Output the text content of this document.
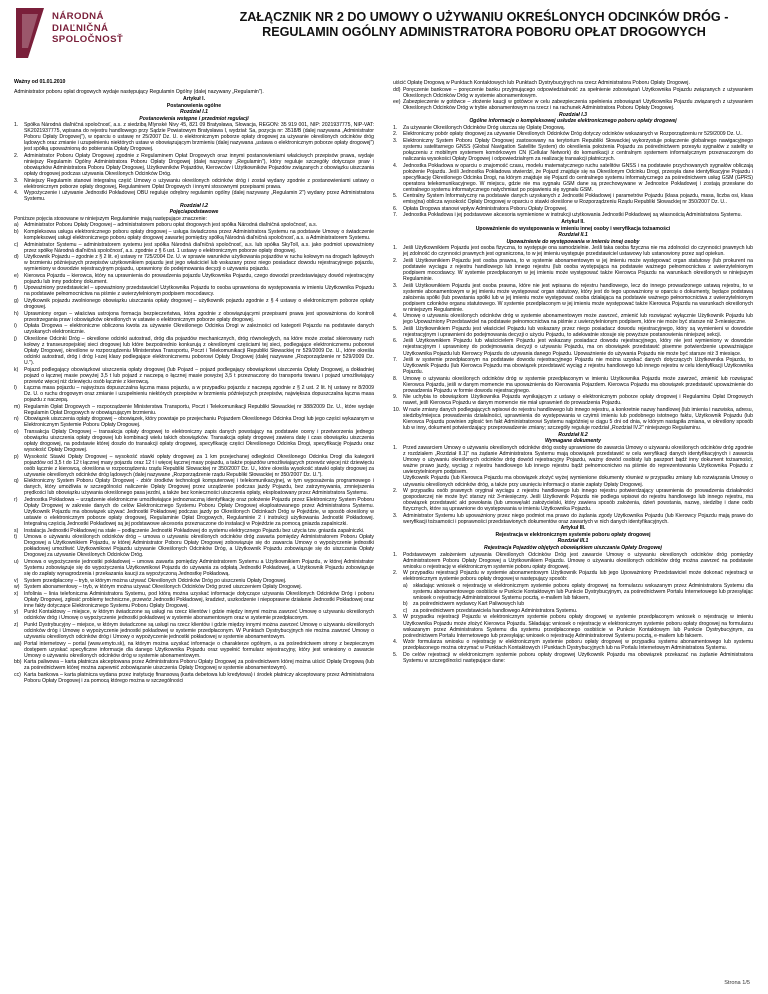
NÁRODNÁ
DIAĽNIČNÁ
SPOLOČNOSŤ
ZAŁĄCZNIK NR 2 DO UMOWY O UŻYWANIU OKREŚLONYCH ODCINKÓW DRÓG -
REGULAMIN OGÓLNY ADMINISTRATORA POBORU OPŁAT DROGOWYCH
Ważny od 01.01.2010
Administrator poboru opłat drogowych wydaje następujący Regulamin Ogólny (dalej nazywany „Regulamin").

Artykuł I.

Postanowienia ogólne

Rozdział I.1

Postanowienia wstępne i przedmiot regulacji

1. Spółka Národná diaľničná spoločnosť, a.s. z siedzibą Mlynské Nivy 45, 821 09 Bratysława, Słowacja, REGON: 35 919 001, NIP: 2021937775, NIP-VAT: SK2021937775, wpisana do rejestru handlowego przy Sądzie Powiatowym Bratysława I, wydział: Sa, pozycja nr: 3518/B (dalej nazywana „Administrator Poboru Opłaty Drogowej"), w oparciu o ustawę nr 25/2007 Dz. U. o elektronicznym poborze opłaty drogowej za używanie określonych odcinków dróg lądowych oraz zmianie i uzupełnieniu niektórych ustaw w obowiązującym brzmieniu (dalej nazywana „ustawa o elektronicznym poborze opłaty drogowej") jest spółką upoważnioną do pobierania Opłaty Drogowej.

2. Administrator Poboru Opłaty Drogowej zgodnie z Regulaminem Opłat Drogowych oraz innymi postanowieniami właściwych przepisów prawa, wydaje niniejszy Regulamin Ogólny Administratora Poboru Opłaty Drogowej (dalej nazywany „Regulamin"), który reguluje szczegóły dotyczące praw i obowiązków Administratora Poboru Opłaty Drogowej, Użytkowników Pojazdów, Kierowców i Użytkowników Pojazdów związanych z obowiązku uiszczania opłaty drogowej podczas używania Określonych Odcinków Dróg.

3. Niniejszy Regulamin stanowi integralną część Umowy o używaniu określonych odcinków dróg i został wydany zgodnie z postanowieniami ustawy o elektronicznym poborze opłaty drogowej, Regulaminem Opłat Drogowych i innymi stosownymi przepisami prawa.

4. Wypożyczenie i używanie Jednostki Pokładowej OBU reguluje odrębny regulamin ogólny (dalej nazywany „Regulamin 2") wydany przez Administratora Systemu.

Rozdział I.2

Pojęciapodstawowe

Poniższe pojęcia stosowane w niniejszym Regulaminie mają następujące znaczenie:

a) Administrator Poboru Opłaty Drogowej – administratorem poboru opłat drogowych jest spółka Národná diaľničná spoločnosť, a.s.

b) Kompleksowa usługa elektronicznego poboru opłaty drogowej – usługa świadczona przez Administratora Systemu na podstawie Umowy o świadczenie kompleksowej usługi elektronicznego poboru opłaty drogowej zawartej pomiędzy spółką Národná diaľničná spoločnosť, a.s. a Administratorem Systemu.

c) Administrator Systemu – administratorem systemu jest spółka Národná diaľničná spoločnosť, a.s. lub spółka SkyToll, a.s. jako podmiot upoważniony przez spółkę Národná diaľničná spoločnosť, a.s. zgodnie z § 6 ust. 1 ustawy o elektronicznym poborze opłaty drogowej.

d) Użytkownik Pojazdu – zgodnie z § 2 lit. e) ustawy nr 725/2004 Dz. U. w sprawie warunków użytkowania pojazdów w ruchu kołowym na drogach lądowych w brzmieniu późniejszych przepisów użytkownikiem pojazdu jest jego właściciel lub wskazany przez niego posiadacz dowodu rejestracyjnego pojazdu, wymieniony w dowodzie rejestracyjnym pojazdu, uprawniony do podejmowania decyzji o używaniu pojazdu.

e) Kierowca Pojazdu – kierowca, który na uprawnienia do prowadzenia pojazdu Użytkownika Pojazdu, czego dowodzi przedstawiający dowód rejestracyjny pojazdu lub inny podobny dokument.

f) Upoważniony przedstawiciel – upoważniony przedstawiciel Użytkownika Pojazdu to osoba uprawniona do występowania w imieniu Użytkownika Pojazdu na podstawie pełnomocnictwa na piśmie z uwierzytelnionym podpisem mocodawcy.

g) Użytkownik pojazdu zwolnionego obowiązku uiszczania opłaty drogowej – użytkownik pojazdu zgodnie z § 4 ustawy o elektronicznym poborze opłaty drogowej.

h) Uprawniony organ – właściwa ustrojona formacja bezpieczeństwa, która zgodnie z obowiązującymi przepisami prawa jest upoważniona do kontroli przestrzegania praw i obowiązków określonych w ustawie o elektronicznym poborze opłaty drogowej.

i) Opłata Drogowa – elektroniczne obliczona kwota za używanie Określonego Odcinka Drogi w zależności od kategorii Pojazdu na podstawie danych uzyskanych elektronicznie.

j) Określone Odcinki Dróg – określone odcinki autostrad, dróg dla pojazdów mechanicznych, dróg równoległych, na które może zostać skierowany ruch kołowy z transeuropejskiej sieci drogowej lub które bezpośrednio konkurują z określonymi częściami tej sieci, podlegające elektronicznemu poborowi Opłaty Drogowej, określone w rozporządzeniu Ministerstwa Transportu, Poczt i Telekomunikacji Republiki Słowackiej nr 529/2009 Dz. U., które określa odcinki autostrad, dróg i dróg I-szej klasy podlegające elektronicznemu poborowi Opłaty Drogowej (dalej nazywane „Rozporządzenie nr 529/2009 Dz. U.").

k) Pojazd podlegający obowiązkowi uiszczenia opłaty drogowej (lub Pojazd – pojazd podlegający obowiązkowi uiszczenia Opłaty Drogowej, a dokładniej pojazd o łącznej masie powyżej 3,5 t lub pojazd z naczepą o łącznej masie powyżej 3,5 t przeznaczony do transportu towaru i pojazd umożliwiający przewóz więcej niż dziewięciu osób łącznie z kierowcą.

l) Łączna masa pojazdu – najwyższa dopuszczalna łączna masa pojazdu, a w przypadku pojazdu z naczepą zgodnie z § 2 ust. 2 lit. h) ustawy nr 8/2009 Dz. U. o ruchu drogowym oraz zmianie i uzupełnieniu niektórych przepisów w brzmieniu późniejszych przepisów, największa dopuszczalna łączna masa pojazdu z naczepą.

m) Regulamin Opłat Drogowych – rozporządzenie Ministerstwa Transportu, Poczt i Telekomunikacji Republiki Słowackiej nr 388/2009 Dz. U., które wydaje Regulamin Opłat Drogowych w obowiązującym brzmieniu.

n) Obowiązek uiszczenia opłaty drogowej – obowiązek, który powstaje po przejechaniu Pojazdem Określonego Odcinka Drogi lub jego części wykazanym w Elektronicznym Systemie Poboru Opłaty Drogowej.

o) Transakcja Opłaty Drogowej – transakcja opłaty drogowej to elektroniczny zapis danych powstający na podstawie oceny i przetworzenia jednego obowiązku uiszczenia opłaty drogowej lub kombinacji wielu takich obowiązków. Transakcja opłaty drogowej zawiera datę i czas obowiązku uiszczenia opłaty drogowej, na podstawie której doszło do transakcji opłaty drogowej, specyfikację części Określonego Odcinka Drogi, specyfikację Pojazdu oraz wysokość Opłaty Drogowej.

p) Wysokość Stawki Opłaty Drogowej – wysokość stawki opłaty drogowej za 1 km przejechanej odległości Określonego Odcinka Drogi dla kategorii pojazdów od 3,5 t do 12 t łącznej masy pojazdu oraz 12 t i więcej łącznej masy pojazdu, a także pojazdów umożliwiających przewóz więcej niż dziewięciu osób łącznie z kierowcą, określona w rozporządzeniu rządu Republiki Słowackiej nr 350/2007 Dz. U., które określa wysokość stawki opłaty drogowej za używanie określonych odcinków dróg lądowych (dalej nazywane „Rozporządzenie rządu Republiki Słowackiej nr 350/2007 Dz. U.").

q) Elektroniczny System Poboru Opłaty Drogowej - zbiór środków technologii komputerowej i telekomunikacyjnej, w tym wyposażenia programowego i danych, który umożliwia w szczególności naliczenie Opłaty Drogowej przez urządzenie podczas jazdy Pojazdu, bez zatrzymywania, zmniejszenia prędkości lub obowiązku używania określonego pasa jezdni, a także bez konieczności uiszczenia opłaty, eksploatowany przez Administratora Systemu.

r) Jednostka Pokładowa – urządzenie elektroniczne umożliwiające jednoznaczną identyfikację oraz położenie Pojazdu przez Elektroniczny System Poboru Opłaty Drogowej w zakresie danych do celów Elektronicznego Systemu Poboru Opłaty Drogowej eksploatowanego przez Administratora Systemu. Użytkownik Pojazdu ma obowiązek używać Jednostki Pokładowej podczas jazdy po Określonych Odcinkach Dróg w Pojeździe, w sposób określony w ustawie o elektronicznym poborze opłaty drogowej, Regulaminie Opłat Drogowych, Regulaminie 2 i instrukcji użytkowania Jednostki Pokładowej. Integralną częścią Jednostki Pokładowej są jej podstawowe akcesoria przeznaczone do instalacji w Pojeździe za pomocą gniazda zapalniczki.

s) Instalacja Jednostki Pokładowej na stałe – podłączenie Jednostki Pokładowej do systemu elektrycznego Pojazdu bez użycia tzw. gniazda zapalniczki.

t) Umowa o używaniu określonych odcinków dróg – umowa o używaniu określonych odcinków dróg zawarta pomiędzy Administratorem Poboru Opłaty Drogowej a Użytkownikiem Pojazdu, w której Administrator Poboru Opłaty Drogowej zobowiązuje się do zawarcia Umowy o wypożyczenie jednostki pokładowej umożliwić Użytkownikowi Pojazdu używanie Określonych Odcinków Dróg, a Użytkownik Pojazdu zobowiązuje się do uiszczania Opłaty Drogowej za używanie Określonych Odcinków Dróg.

u) Umowa o wypożyczenie jednostki pokładowej – umowa zawarta pomiędzy Administratorem Systemu a Użytkownikiem Pojazdu, w której Administrator Systemu zobowiązuje się do wypożyczenia Użytkownikowi Pojazdu do używania za odpłatą Jednostki Pokładowej, a Użytkownik Pojazdu zobowiązuje się do zapłaty wynagrodzenia i przekazania kaucji za wypożyczoną Jednostkę Pokładową.

v) System przedpłacony – tryb, w którym można używać Określonych Odcinków Dróg po uiszczeniu Opłaty Drogowej.

w) System abonamentowy – tryb, w którym można używać Określonych Odcinków Dróg przed uiszczeniem Opłaty Drogowej.

x) Infolinia – linia telefoniczna Administratora Systemu, pod którą można uzyskać informacje dotyczące używania Określonych Odcinków Dróg i poboru Opłaty Drogowej, zgłosić problemy techniczne, przewóz Jednostki Pokładowej, kradzież, uszkodzenie i niepoprawne działanie Jednostki Pokładowej oraz inne fakty dotyczące Elektronicznego Systemu Poboru Opłaty Drogowej.

y) Punkt Kontaktowy – miejsce, w którym świadczone są usługi na rzecz klientów i gdzie między innymi można zawrzeć Umowę o używaniu określonych odcinków dróg i Umowę o wypożyczenie jednostki pokładowej w systemie abonamentowym oraz w systemie przedpłaconym.

z) Punkt Dystrybucyjny – miejsce, w którym świadczone są usługi na rzecz klientów i gdzie między innymi można zawrzeć Umowę o używaniu określonych odcinków dróg i Umowę o wypożyczenie jednostki pokładowej w systemie przedpłaconym. W Punktach Dystrybucyjnych nie można zawrzeć Umowy o używaniu określonych odcinków dróg i Umowy o wypożyczenie jednostki pokładowej w systemie abonamentowym.

aa) Portal internetowy – portal (www.emyto.sk), na którym można uzyskać informacje o charakterze ogólnym, a za pośrednictwem strony z bezpiecznym dostępem uzyskać specyficzne informacje dla danego Użytkownika Pojazdu oraz wypełnić formularz rejestracyjny, który jest wniesiony o zawarcie Umowy o używaniu określonych odcinków dróg w systemie abonamentowym.

bb) Karta paliwowa – karta płatnicza akceptowana przez Administratora Poboru Opłaty Drogowej za pośrednictwem której można uiścić Opłatę Drogową (lub za pośrednictwem której można zapewnić zobowiązanie uiszczenia Opłaty Drogowej w systemie abonamentowym).

cc) Karta bankowa – karta płatnicza wydana przez instytucję finansową (karta debetowa lub kredytowa) i środek płatniczy akceptowany przez Administratora Poboru Opłaty Drogowej i za pomocą którego można w szczególności

uiścić Opłatę Drogową w Punktach Kontaktowych lub Punktach Dystrybucyjnych na rzecz Administratora Poboru Opłaty Drogowej.

dd) Poręczenie bankowe – poręczenie banku przyjmującego odpowiedzialność za spełnienie zobowiązań Użytkownika Pojazdu związanych z używaniem Określonych Odcinków Dróg w systemie abonamentowym.

ee) Zabezpieczenie w gotówce – złożenie kaucji w gotówce w celu zabezpieczenia spełnienia zobowiązań Użytkownika Pojazdu związanych z używaniem Określonych Odcinków Dróg w trybie abonamentowym na rzecz i na rachunek Administratora Poboru Opłaty Drogowej.

Rozdział I.3

Ogólne informacje o kompleksowej usłudze elektronicznego poboru opłaty drogowej

1. Za używanie Określonych Odcinków Dróg uiszcza się Opłatę Drogową.

2. Elektroniczny pobór opłaty drogowej za używanie Określonych Odcinków Dróg dotyczy odcinków wskazanych w Rozporządzeniu nr 529/2009 Dz. U..

3. Elektroniczny System Poboru Opłaty Drogowej zastosowany na terytorium Republiki Słowackiej wykorzystuje połączenie globalnego nawigacyjnego systemu satelitarnego GNSS (Global Navigation Satellite System) do określenia położenia Pojazdu za pośrednictwem przesyłu sygnałów z satelity w połączeniu z mobilnym systemem komórkowym CN (Cellular Network) do komunikacji z centralnym systemem informatycznym przeznaczonym do naliczania wysokości Opłaty Drogowej i odpowiedzialnym za realizację transakcji płatniczych.

4. Jednostka Pokładowa w oparciu o znajomość czasu, modelu matematycznego ruchu satelitów GNSS i na podstawie przychowanych sygnałów obliczają położenie Pojazdu. Jeśli Jednostka Pokładowa stwierdzi, że Pojazd znajduje się na Określonym Odcinku Drogi, przesyła dane identyfikacyjne Pojazdu i specyfikację Określonego Odcinka Drogi, na którym znajduje się Pojazd do centralnego systemu informatycznego za pośrednictwem usług GSM (GPRS) operatora telekomunikacyjnego. W miejscu, gdzie nie ma sygnału GSM dane są przechowywane w Jednostce Pokładowej i zostają przesłane do centralnego systemu informatycznego natychmiast po pojawieniu się sygnału GSM.

5. Centralny System Informatyczny na podstawie danych uzyskanych z Jednostki Pokładowej i parametrów Pojazdu (klasa pojazdu, masa, liczba osi, klasa emisyjna) oblicza wysokość Opłaty Drogowej w oparciu o stawki określone w Rozporządzeniu Rządu Republiki Słowackiej nr 350/2007 Dz. U..

6. Opłata Drogowa stanowi wpływ Administratora Poboru Opłaty Drogowej.

7. Jednostka Pokładowa i jej podstawowe akcesoria wymienione w instrukcji użytkowania Jednostki Pokładowej są własnością Administratora Systemu.

Artykuł II.

Upoważnienie do występowania w imieniu innej osoby i weryfikacja tożsamości

Rozdział II.1

Upoważnienie do występowania w imieniu innej osoby

1. Jeśli Użytkownikiem Pojazdu jest osoba fizyczna, to występuje ona samodzielnie. Jeśli taka osoba fizyczna nie ma zdolności do czynności prawnych lub jej zdolność do czynności prawnych jest ograniczona, to w jej imieniu występuje przedstawiciel ustawowy lub ustanowiony przez sąd opiekun.

2. Jeśli Użytkownikiem Pojazdu jest osoba prawna, to w systemie abonamentowym w jej imieniu może występować organ statutowy (lub prokurent na podstawie wyciągu z rejestru handlowego lub innego rejestru (lub osoba występująca na podstawie ważnego pełnomocnictwa z uwierzytelnionym podpisem mocodawcy. W systemie przedpłaconym w jej imieniu może występować także Kierowca Pojazdu na warunkach określonych w niniejszym Regulaminie.

3. Jeśli Użytkownikiem Pojazdu jest osoba prawna, które nie jest wpisana do rejestru handlowego, lecz do innego prowadzonego ustawą rejestru, to w systemie abonamentowym w jej imieniu może występować organ statutowy, który jest do tego upoważniony w oparciu o dokumenty, będące podstawą założenia spółki (lub powstania spółki lub w jej imieniu może występować osoba działająca na podstawie ważnego pełnomocnictwa z uwierzytelnionym podpisem członków organu statutowego. W systemie przedpłaconym w jej imieniu może występować także Kierowca Pojazdu na warunkach określonych w niniejszym Regulaminie.

4. Umowę o używaniu określonych odcinków dróg w systemie abonamentowym może zawrzeć, zmienić lub rozwiązać wyłącznie Użytkownik Pojazdu lub jego Upoważniony Przedstawiciel na podstawie pełnomocnictwa na piśmie z uwierzytelnionym podpisem, które nie może być starsze niż 3-miesięczne.

5. Jeśli Użytkownikiem Pojazdu jest właściciel Pojazdu lub wskazany przez niego posiadacz dowodu rejestracyjnego, który są wymienieni w dowodzie rejestracyjnym i uprawnieni do podejmowania decyzji o użyciu Pojazdu, to adekwatnie stosuje się powyższe postanowienia niniejszej sekcji.

6. Jeśli Użytkownikiem Pojazdu lub właścicielem Pojazdu jest wskazany posiadacz dowodu rejestracyjnego, który nie jest wymieniony w dowodzie rejestracyjnym i uprawniony do podejmowania decyzji o używaniu Pojazdu, ma on obowiązek przedstawić pisemne potwierdzenie upoważniające Użytkownika Pojazdu lub Kierowcy Pojazdu do używania danego Pojazdu. Upoważnienie do używania Pojazdu nie może być starsze niż 3 miesiące.

7. Jeśli w systemie przedpłaconym na podstawie dowodu rejestracyjnego Pojazdu nie można uzyskać danych dotyczących Użytkownika Pojazdu, to Użytkownik Pojazdu (lub Kierowca Pojazdu ma obowiązek przedstawić wyciąg z rejestru handlowego lub innego rejestru w celu identyfikacji Użytkownika Pojazdu.

8. Umowę o używaniu określonych odcinków dróg w systemie przedpłaconym w imieniu Użytkownika Pojazdu może zawrzeć, zmienić lub rozwiązać Kierowca Pojazdu, jeśli w danym momencie ma upoważnienia do Kierowania Pojazdem. Kierowca Pojazdu ma obowiązek przedstawić upoważnienie do prowadzenia Pojazdu w formie dowodu rejestracyjnego.

9. Nie uchybia to obowiązkom Użytkownika Pojazdu wynikającym z ustawy o elektronicznym poborze opłaty drogowej i Regulaminu Opłat Drogowych nawet, jeśli Kierowca Pojazdu w danym momencie nie miał uprawnień do prowadzenia Pojazdu.

10. W razie zmiany danych podlegających wpisowi do rejestru handlowego lub innego rejestru, a konkretnie nazwy handlowej (lub imienia i nazwiska, adresu, siedziby/miejsca prowadzenia działalności, uprawnienia do występowania w czyimś imieniu lub podobnego istotnego faktu, Użytkownik Pojazdu (lub Kierowca Pojazdu powinien zgłosić ten fakt Administratorowi Systemu najpóźniej w ciągu 5 dni od dnia, w którym nastąpiła zmiana, w określony sposób lub w inny, dokument potwierdzający przeprowadzenie zmiany; szczegóły reguluje rozdział „Rozdział IV.2" niniejszego Regulaminu.

Rozdział II.2

Wymagane dokumenty

1. Przed zawarciem Umowy o używaniu określonych odcinków dróg osoby uprawnione do zawarcia Umowy o używaniu określonych odcinków dróg zgodnie z rozdziałem „Rozdział II.1)" na żądanie Administratora Systemu mają obowiązek przedstawić w celu weryfikacji danych identyfikacyjnych i zawarcia Umowy o używaniu określonych odcinków dróg dowód rejestracyjny Pojazdu, ważny dowód osobisty lub paszport bądź inny dokument tożsamości, ważne prawo jazdy, wyciąg z rejestru handlowego lub innego rejestru bądź pełnomocnictwo na piśmie do reprezentowania Użytkownika Pojazdu z uwierzytelnionym podpisem.

Użytkownik Pojazdu (lub Kierowca Pojazdu ma obowiązek złożyć wyżej wymienione dokumenty również w przypadku zmiany lub rozwiązania Umowy o używaniu określonych odcinków dróg, a także przy usunięciu informacji o stanie zapłaty Opłaty Drogowej.

2. W przypadku osób prawnych oryginał wyciągu z rejestru handlowego lub innego rejestru potwierdzający uprawnienia do prowadzenia działalności gospodarczej nie może być starszy niż 3-miesięczny. Jeśli Użytkownik Pojazdu nie podlega wpisowi do rejestru handlowego lub innego rejestru, ma obowiązek przedstawić akt powołania (lub umowę/akt założycielski, który zawiera sposób założenia, dzień powstania, nazwę, siedzibę i dane osób fizycznych, które są uprawnione do występowania w imieniu Użytkownika Pojazdu.

3. Administrator Systemu lub upoważniony przez niego podmiot ma prawo do żądania zgody Użytkownika Pojazdu (lub Kierowcy Pojazdu mają prawo do weryfikacji tożsamości i poprawności przedstawionych dokumentów oraz zawartych w nich danych identyfikacyjnych.

Artykuł III.

Rejestracja w elektronicznym systemie poboru opłaty drogowej

Rozdział III.1

Rejestracja Pojazdów objętych obowiązkiem uiszczania Opłaty Drogowej

1. Podstawowym założeniem używania Określonych Odcinków Dróg jest zawarcie Umowy o używaniu określonych odcinków dróg pomiędzy Administratorem Poboru Opłaty Drogowej a Użytkownikiem Pojazdu. Umowę o używaniu określonych odcinków dróg można zawrzeć na podstawie wniosku o rejestrację w elektronicznym systemie poboru opłaty drogowej.

2. W przypadku rejestracji Pojazdu w systemie abonamentowym Użytkownik Pojazdu lub jego Upoważniony Przedstawiciel może dokonać rejestracji w elektronicznym systemie poboru opłaty drogowej w następujący sposób:

a) składając wniosek o rejestrację w elektronicznym systemie poboru opłaty drogowej na formularzu wskazanym przez Administratora Systemu dla systemu abonamentowego osobiście w Punkcie Kontaktowym lub Punkcie Dystrybucyjnym, za pośrednictwem Portalu Internetowego lub przesyłając wniosek o rejestrację Administratorowi Systemu pocztą, e-mailem lub faksem,

b) za pośrednictwem wydawcy Kart Paliwowych lub

c) za pośrednictwem przedstawiciela handlowego Administratora Systemu.

3. W przypadku rejestracji Pojazdu w elektronicznym systemie poboru opłaty drogowej w systemie przedpłaconym wniosek o rejestrację w imieniu Użytkownika Pojazdu może złożyć Kierowca Pojazdu. Składając wniosek o rejestrację w elektronicznym systemie poboru opłaty drogowej na formularzu wskazanym przez Administratora Systemu dla systemu przedpłaconego osobiście w Punkcie Kontaktowym lub Punkcie Dystrybucyjnym, za pośrednictwem Portalu Internetowego lub przesyłając wniosek o rejestrację Administratorowi Systemu pocztą, e-mailem lub faksem.

4. Wzór formularza wniosku o rejestrację w elektronicznym systemie poboru opłaty drogowej w przypadku systemu abonamentowego lub systemu przedpłaconego można otrzymać w Punktach Kontaktowych i Punktach Dystrybucyjnych lub na Portalu Internetowym Administratora Systemu.

5. Do celów rejestracji w elektronicznym systemie poboru opłaty drogowej Użytkownik Pojazdu ma obowiązek przekazać na żądanie Administratora Systemu w szczególności następujące dane:

Strona 1/5
